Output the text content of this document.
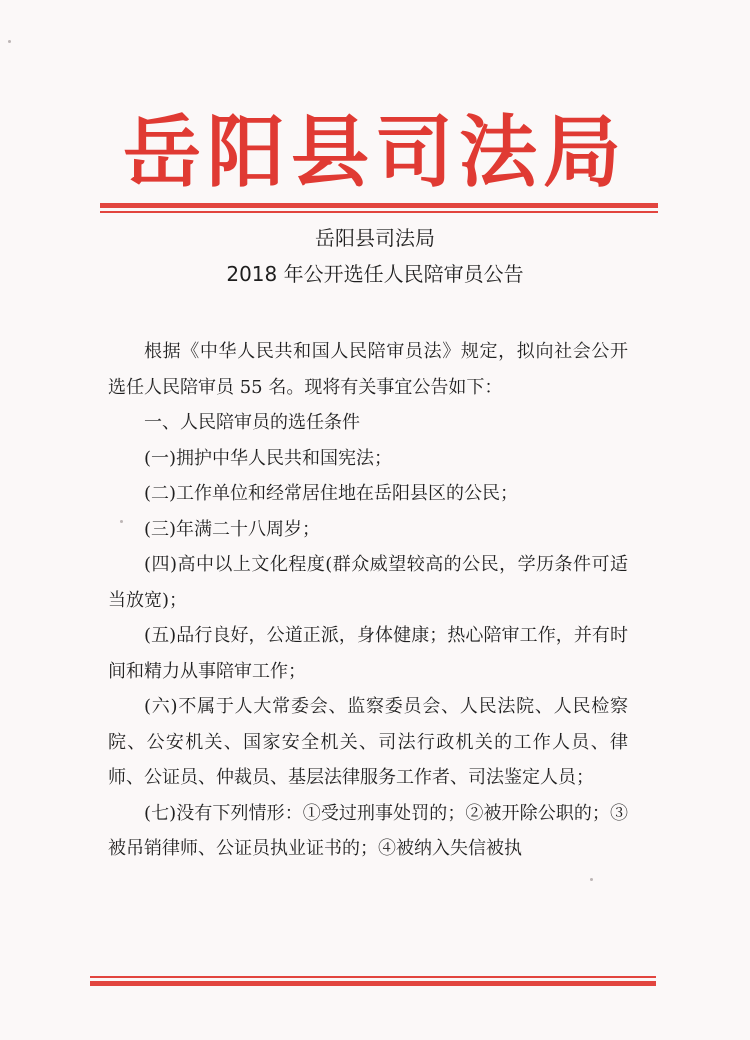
岳阳县司法局
岳阳县司法局
2018 年公开选任人民陪审员公告

根据《中华人民共和国人民陪审员法》规定，拟向社会公开选任人民陪审员 55 名。现将有关事宜公告如下：

一、人民陪审员的选任条件

(一)拥护中华人民共和国宪法；

(二)工作单位和经常居住地在岳阳县区的公民；

(三)年满二十八周岁；

(四)高中以上文化程度(群众威望较高的公民，学历条件可适当放宽)；

(五)品行良好，公道正派，身体健康；热心陪审工作，并有时间和精力从事陪审工作；

(六)不属于人大常委会、监察委员会、人民法院、人民检察院、公安机关、国家安全机关、司法行政机关的工作人员、律师、公证员、仲裁员、基层法律服务工作者、司法鉴定人员；

(七)没有下列情形：①受过刑事处罚的；②被开除公职的；③被吊销律师、公证员执业证书的；④被纳入失信被执
